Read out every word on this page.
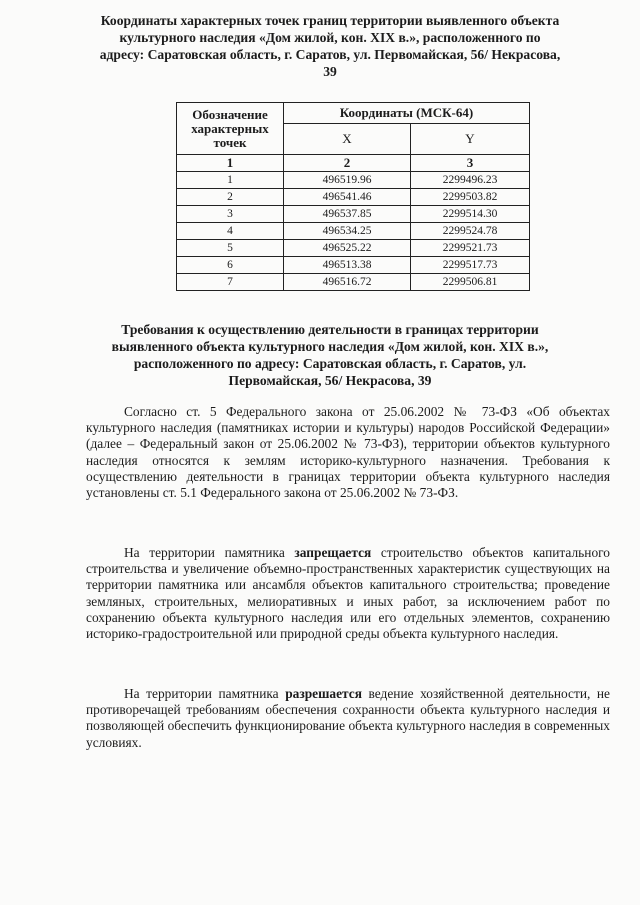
Координаты характерных точек границ территории выявленного объекта
культурного наследия «Дом жилой, кон. XIX в.», расположенного по
адресу: Саратовская область, г. Саратов, ул. Первомайская, 56/ Некрасова,
39
Обозначение характерных точек	Координаты (МСК-64)	
	X	Y
1	2	3
1	496519.96	2299496.23
2	496541.46	2299503.82
3	496537.85	2299514.30
4	496534.25	2299524.78
5	496525.22	2299521.73
6	496513.38	2299517.73
7	496516.72	2299506.81
Требования к осуществлению деятельности в границах территории
выявленного объекта культурного наследия «Дом жилой, кон. XIX в.»,
расположенного по адресу: Саратовская область, г. Саратов, ул.
Первомайская, 56/ Некрасова, 39

Согласно ст. 5 Федерального закона от 25.06.2002 № 73-ФЗ «Об объектах культурного наследия (памятниках истории и культуры) народов Российской Федерации» (далее – Федеральный закон от 25.06.2002 № 73-ФЗ), территории объектов культурного наследия относятся к землям историко-культурного назначения. Требования к осуществлению деятельности в границах территории объекта культурного наследия установлены ст. 5.1 Федерального закона от 25.06.2002 № 73-ФЗ.

На территории памятника запрещается строительство объектов капитального строительства и увеличение объемно-пространственных характеристик существующих на территории памятника или ансамбля объектов капитального строительства; проведение земляных, строительных, мелиоративных и иных работ, за исключением работ по сохранению объекта культурного наследия или его отдельных элементов, сохранению историко-градостроительной или природной среды объекта культурного наследия.

На территории памятника разрешается ведение хозяйственной деятельности, не противоречащей требованиям обеспечения сохранности объекта культурного наследия и позволяющей обеспечить функционирование объекта культурного наследия в современных условиях.
